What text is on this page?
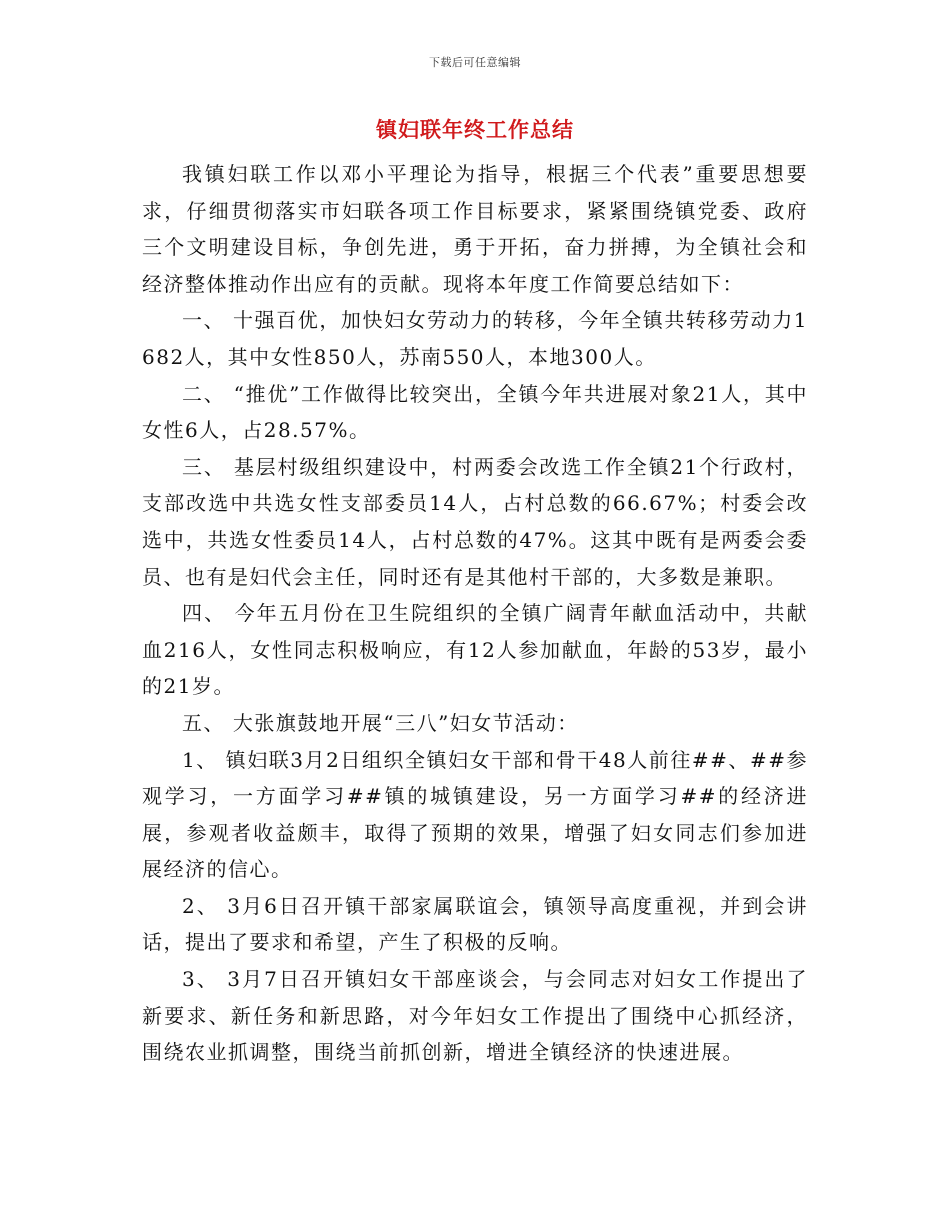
下载后可任意编辑
镇妇联年终工作总结

我镇妇联工作以邓小平理论为指导，根据三个代表”重要思想要求，仔细贯彻落实市妇联各项工作目标要求，紧紧围绕镇党委、政府三个文明建设目标，争创先进，勇于开拓，奋力拼搏，为全镇社会和经济整体推动作出应有的贡献。现将本年度工作简要总结如下：

一、 十强百优，加快妇女劳动力的转移，今年全镇共转移劳动力1682人，其中女性850人，苏南550人，本地300人。

二、 “推优”工作做得比较突出，全镇今年共进展对象21人，其中女性6人，占28.57%。

三、 基层村级组织建设中，村两委会改选工作全镇21个行政村，支部改选中共选女性支部委员14人，占村总数的66.67%；村委会改选中，共选女性委员14人，占村总数的47%。这其中既有是两委会委员、也有是妇代会主任，同时还有是其他村干部的，大多数是兼职。

四、 今年五月份在卫生院组织的全镇广阔青年献血活动中，共献血216人，女性同志积极响应，有12人参加献血，年龄的53岁，最小的21岁。

五、 大张旗鼓地开展“三八”妇女节活动：

1、 镇妇联3月2日组织全镇妇女干部和骨干48人前往##、##参观学习，一方面学习##镇的城镇建设，另一方面学习##的经济进展，参观者收益颇丰，取得了预期的效果，增强了妇女同志们参加进展经济的信心。

2、 3月6日召开镇干部家属联谊会，镇领导高度重视，并到会讲话，提出了要求和希望，产生了积极的反响。

3、 3月7日召开镇妇女干部座谈会，与会同志对妇女工作提出了新要求、新任务和新思路，对今年妇女工作提出了围绕中心抓经济，围绕农业抓调整，围绕当前抓创新，增进全镇经济的快速进展。
